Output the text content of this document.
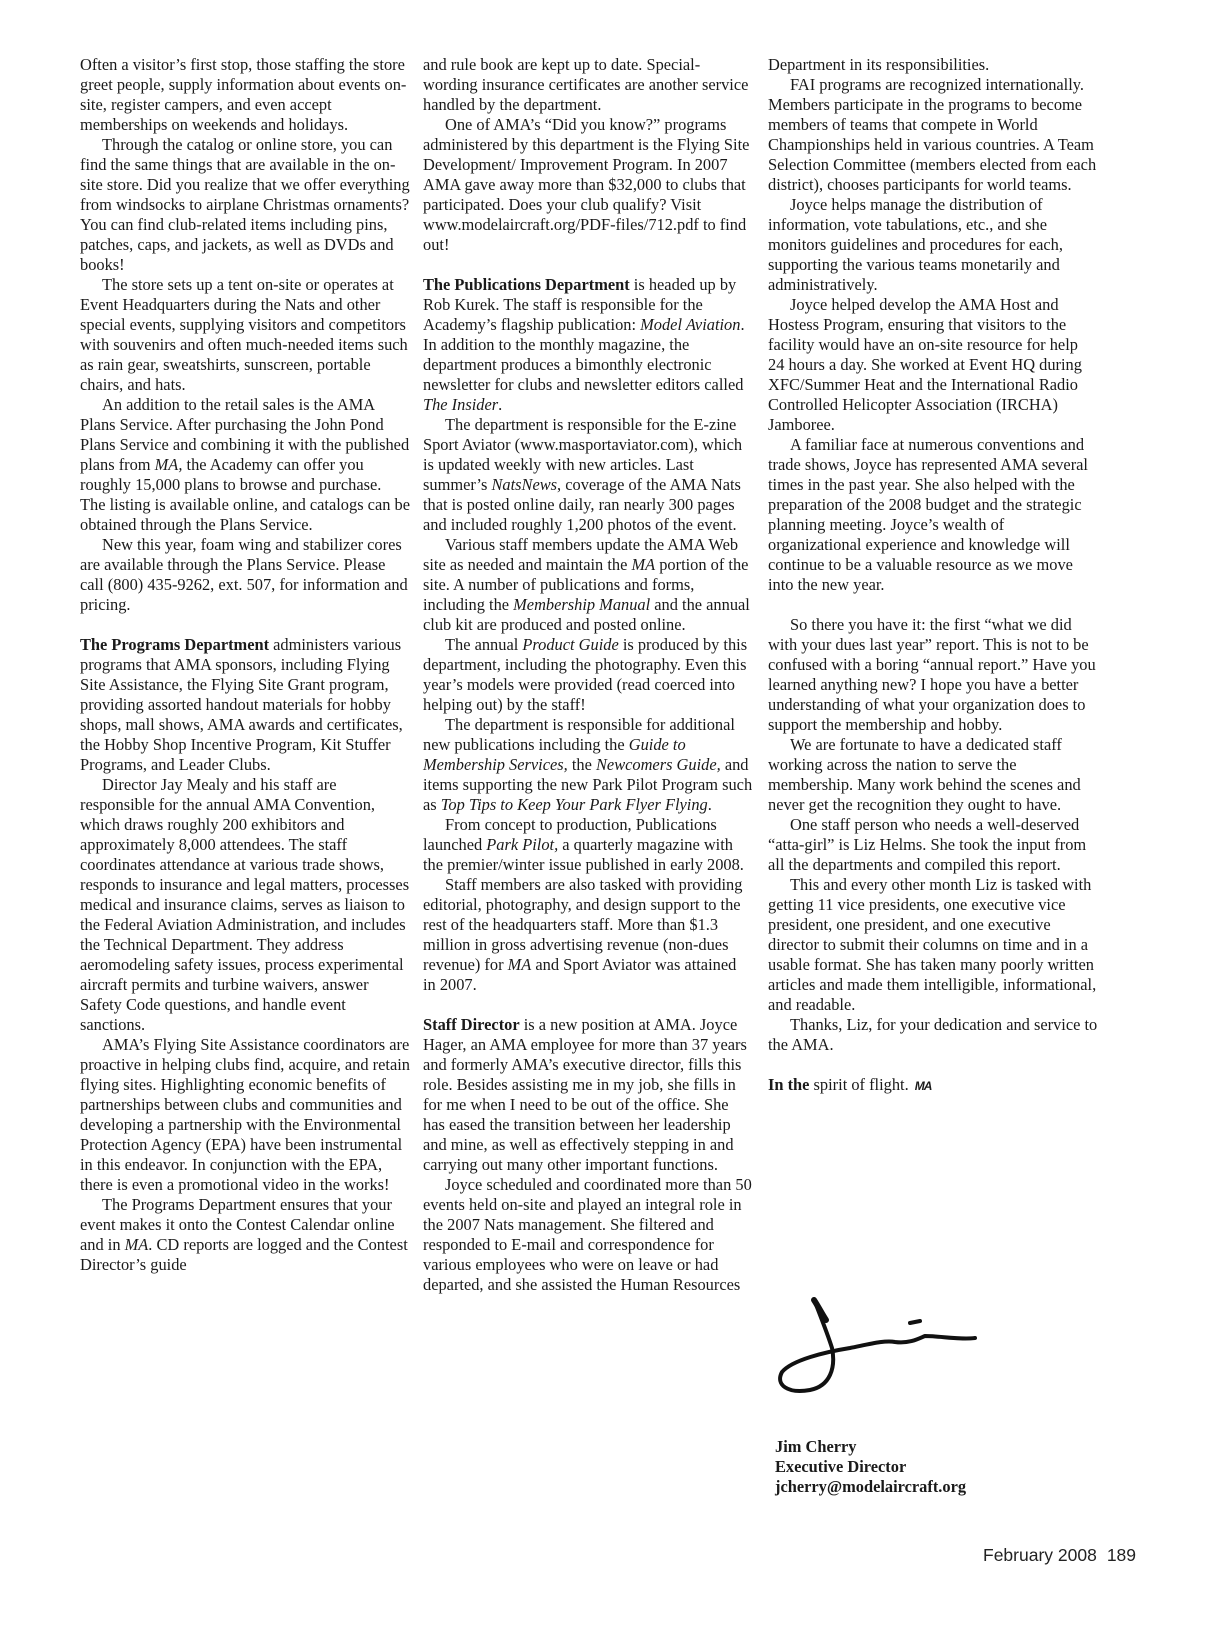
Often a visitor’s first stop, those staffing the store greet people, supply information about events on-site, register campers, and even accept memberships on weekends and holidays.

Through the catalog or online store, you can find the same things that are available in the on-site store. Did you realize that we offer everything from windsocks to airplane Christmas ornaments? You can find club-related items including pins, patches, caps, and jackets, as well as DVDs and books!

The store sets up a tent on-site or operates at Event Headquarters during the Nats and other special events, supplying visitors and competitors with souvenirs and often much-needed items such as rain gear, sweatshirts, sunscreen, portable chairs, and hats.

An addition to the retail sales is the AMA Plans Service. After purchasing the John Pond Plans Service and combining it with the published plans from MA, the Academy can offer you roughly 15,000 plans to browse and purchase. The listing is available online, and catalogs can be obtained through the Plans Service.

New this year, foam wing and stabilizer cores are available through the Plans Service. Please call (800) 435-9262, ext. 507, for information and pricing.

The Programs Department administers various programs that AMA sponsors, including Flying Site Assistance, the Flying Site Grant program, providing assorted handout materials for hobby shops, mall shows, AMA awards and certificates, the Hobby Shop Incentive Program, Kit Stuffer Programs, and Leader Clubs.

Director Jay Mealy and his staff are responsible for the annual AMA Convention, which draws roughly 200 exhibitors and approximately 8,000 attendees. The staff coordinates attendance at various trade shows, responds to insurance and legal matters, processes medical and insurance claims, serves as liaison to the Federal Aviation Administration, and includes the Technical Department. They address aeromodeling safety issues, process experimental aircraft permits and turbine waivers, answer Safety Code questions, and handle event sanctions.

AMA’s Flying Site Assistance coordinators are proactive in helping clubs find, acquire, and retain flying sites. Highlighting economic benefits of partnerships between clubs and communities and developing a partnership with the Environmental Protection Agency (EPA) have been instrumental in this endeavor. In conjunction with the EPA, there is even a promotional video in the works!

The Programs Department ensures that your event makes it onto the Contest Calendar online and in MA. CD reports are logged and the Contest Director’s guide

and rule book are kept up to date. Special-wording insurance certificates are another service handled by the department.

One of AMA’s “Did you know?” programs administered by this department is the Flying Site Development/ Improvement Program. In 2007 AMA gave away more than $32,000 to clubs that participated. Does your club qualify? Visit www.modelaircraft.org/PDF-files/712.pdf to find out!

The Publications Department is headed up by Rob Kurek. The staff is responsible for the Academy’s flagship publication: Model Aviation. In addition to the monthly magazine, the department produces a bimonthly electronic newsletter for clubs and newsletter editors called The Insider.

The department is responsible for the E-zine Sport Aviator (www.masportaviator.com), which is updated weekly with new articles. Last summer’s NatsNews, coverage of the AMA Nats that is posted online daily, ran nearly 300 pages and included roughly 1,200 photos of the event.

Various staff members update the AMA Web site as needed and maintain the MA portion of the site. A number of publications and forms, including the Membership Manual and the annual club kit are produced and posted online.

The annual Product Guide is produced by this department, including the photography. Even this year’s models were provided (read coerced into helping out) by the staff!

The department is responsible for additional new publications including the Guide to Membership Services, the Newcomers Guide, and items supporting the new Park Pilot Program such as Top Tips to Keep Your Park Flyer Flying.

From concept to production, Publications launched Park Pilot, a quarterly magazine with the premier/winter issue published in early 2008.

Staff members are also tasked with providing editorial, photography, and design support to the rest of the headquarters staff. More than $1.3 million in gross advertising revenue (non-dues revenue) for MA and Sport Aviator was attained in 2007.

Staff Director is a new position at AMA. Joyce Hager, an AMA employee for more than 37 years and formerly AMA’s executive director, fills this role. Besides assisting me in my job, she fills in for me when I need to be out of the office. She has eased the transition between her leadership and mine, as well as effectively stepping in and carrying out many other important functions.

Joyce scheduled and coordinated more than 50 events held on-site and played an integral role in the 2007 Nats management. She filtered and responded to E-mail and correspondence for various employees who were on leave or had departed, and she assisted the Human Resources

Department in its responsibilities.

FAI programs are recognized internationally. Members participate in the programs to become members of teams that compete in World Championships held in various countries. A Team Selection Committee (members elected from each district), chooses participants for world teams.

Joyce helps manage the distribution of information, vote tabulations, etc., and she monitors guidelines and procedures for each, supporting the various teams monetarily and administratively.

Joyce helped develop the AMA Host and Hostess Program, ensuring that visitors to the facility would have an on-site resource for help 24 hours a day. She worked at Event HQ during XFC/Summer Heat and the International Radio Controlled Helicopter Association (IRCHA) Jamboree.

A familiar face at numerous conventions and trade shows, Joyce has represented AMA several times in the past year. She also helped with the preparation of the 2008 budget and the strategic planning meeting. Joyce’s wealth of organizational experience and knowledge will continue to be a valuable resource as we move into the new year.

So there you have it: the first “what we did with your dues last year” report. This is not to be confused with a boring “annual report.” Have you learned anything new? I hope you have a better understanding of what your organization does to support the membership and hobby.

We are fortunate to have a dedicated staff working across the nation to serve the membership. Many work behind the scenes and never get the recognition they ought to have.

One staff person who needs a well-deserved “atta-girl” is Liz Helms. She took the input from all the departments and compiled this report.

This and every other month Liz is tasked with getting 11 vice presidents, one executive vice president, one president, and one executive director to submit their columns on time and in a usable format. She has taken many poorly written articles and made them intelligible, informational, and readable.

Thanks, Liz, for your dedication and service to the AMA.

In the spirit of flight. MA

Jim Cherry
Executive Director
jcherry@modelaircraft.org
February 2008 189
